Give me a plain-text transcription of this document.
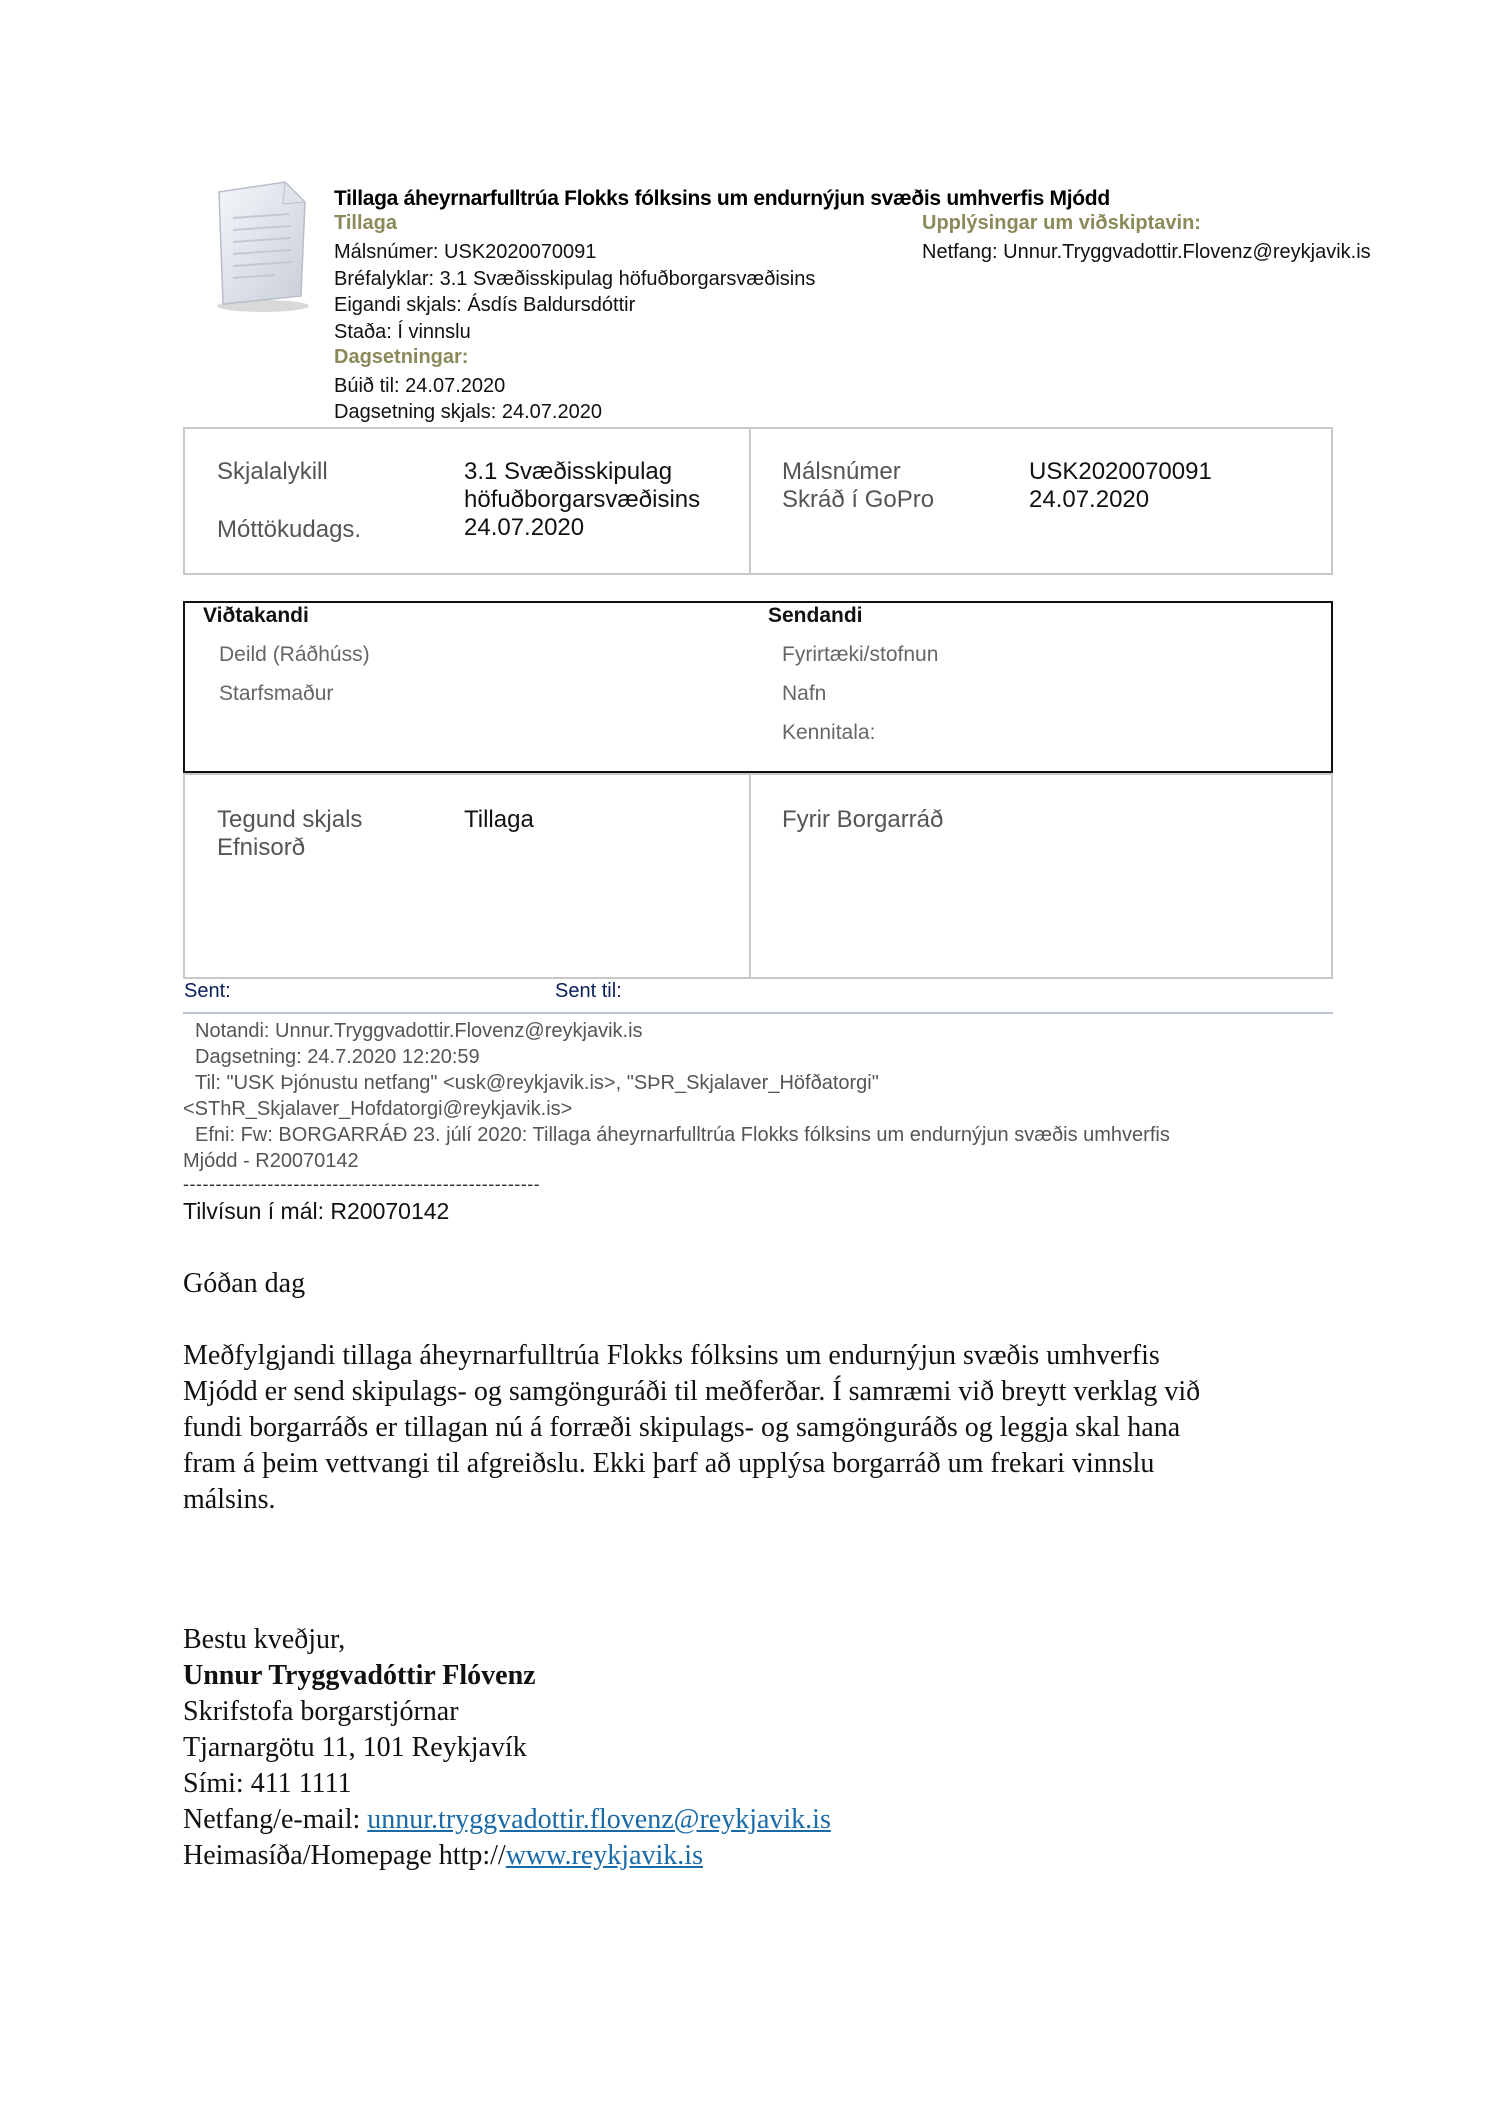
Tillaga áheyrnarfulltrúa Flokks fólksins um endurnýjun svæðis umhverfis Mjódd
Tillaga
Málsnúmer: USK2020070091
Bréfalyklar: 3.1 Svæðisskipulag höfuðborgarsvæðisins
Eigandi skjals: Ásdís Baldursdóttir
Staða: Í vinnslu
Dagsetningar:
Búið til: 24.07.2020
Dagsetning skjals: 24.07.2020
Upplýsingar um viðskiptavin:
Netfang: Unnur.Tryggvadottir.Flovenz@reykjavik.is
Skjalalykill	3.1 Svæðisskipulag
höfuðborgarsvæðisins
Móttökudags.	24.07.2020
Málsnúmer	USK2020070091
Skráð í GoPro	24.07.2020
Viðtakandi
Deild (Ráðhúss)
Starfsmaður
Sendandi
Fyrirtæki/stofnun
Nafn
Kennitala:
Tegund skjals	Tillaga
Efnisorð
Fyrir Borgarráð
Sent:	Sent til:
Notandi: Unnur.Tryggvadottir.Flovenz@reykjavik.is
Dagsetning: 24.7.2020 12:20:59
Til: "USK Þjónustu netfang" <usk@reykjavik.is>, "SÞR_Skjalaver_Höfðatorgi"
<SThR_Skjalaver_Hofdatorgi@reykjavik.is>
Efni: Fw: BORGARRÁÐ 23. júlí 2020: Tillaga áheyrnarfulltrúa Flokks fólksins um endurnýjun svæðis umhverfis
Mjódd - R20070142
-------------------------------------------------------
Tilvísun í mál: R20070142
Góðan dag
Meðfylgjandi tillaga áheyrnarfulltrúa Flokks fólksins um endurnýjun svæðis umhverfis
Mjódd er send skipulags- og samgönguráði til meðferðar. Í samræmi við breytt verklag við
fundi borgarráðs er tillagan nú á forræði skipulags- og samgönguráðs og leggja skal hana
fram á þeim vettvangi til afgreiðslu. Ekki þarf að upplýsa borgarráð um frekari vinnslu
málsins.
Bestu kveðjur,
Unnur Tryggvadóttir Flóvenz
Skrifstofa borgarstjórnar
Tjarnargötu 11, 101 Reykjavík
Sími: 411 1111
Netfang/e-mail: unnur.tryggvadottir.flovenz@reykjavik.is
Heimasíða/Homepage http://www.reykjavik.is
